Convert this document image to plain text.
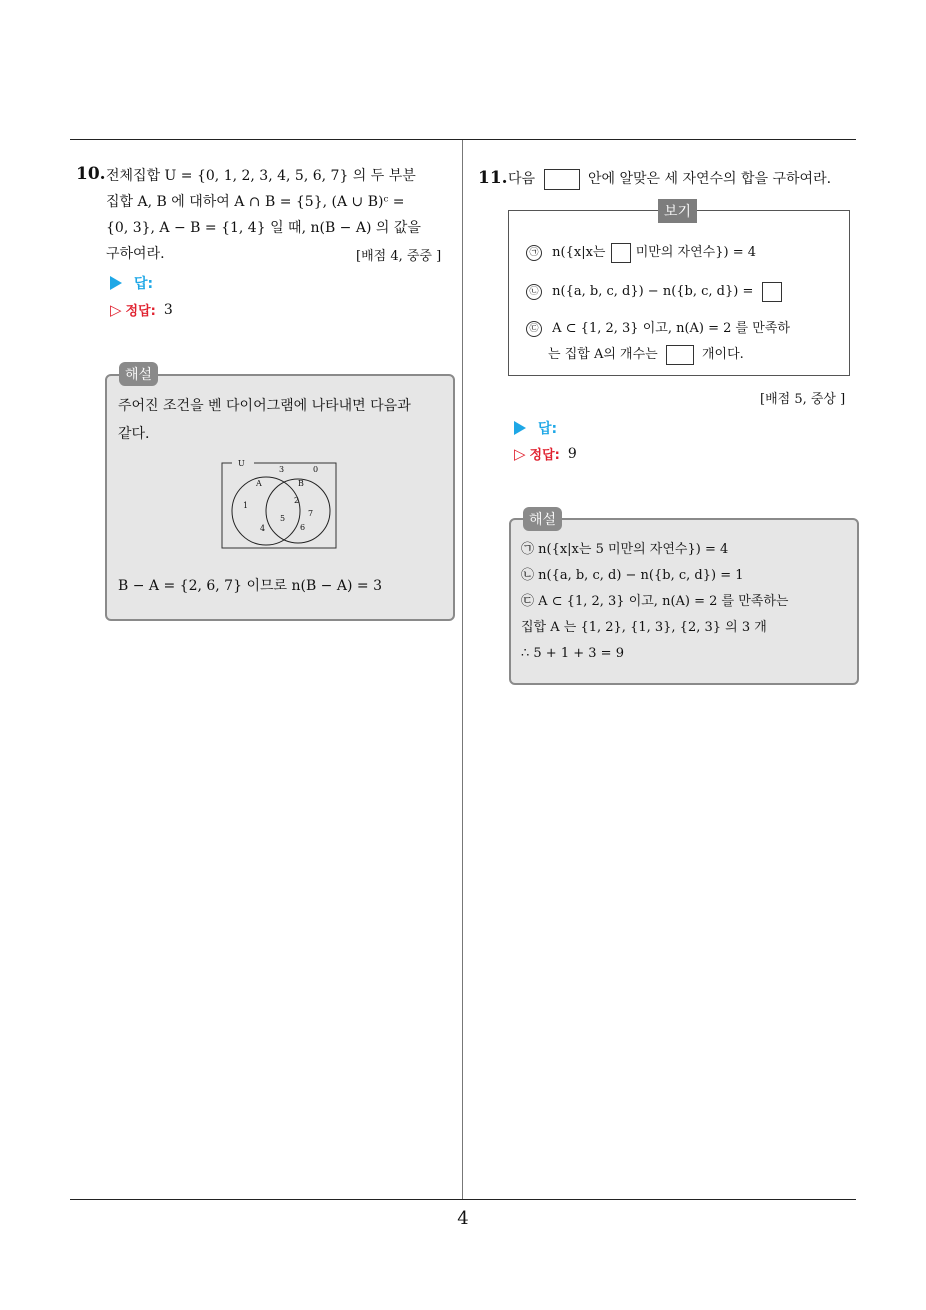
4
10. 전체집합 U = {0, 1, 2, 3, 4, 5, 6, 7} 의 두 부분
집합 A, B 에 대하여 A ∩ B = {5}, (A ∪ B)ᶜ =
{0, 3}, A − B = {1, 4} 일 때, n(B − A) 의 값을
구하여라.	[배점 4, 중중 ]
답:
▷ 정답: 3
해설
주어진 조건을 벤 다이어그램에 나타내면 다음과
같다.
U
A	B
3	0
1
4
5
2
7
6
B − A = {2, 6, 7} 이므로 n(B − A) = 3
11. 다음	안에 알맞은 세 자연수의 합을 구하여라.
보기
㉠ n({x|x는 미만의 자연수}) = 4
㉡ n({a, b, c, d}) − n({b, c, d}) =
㉢ A ⊂ {1, 2, 3} 이고, n(A) = 2 를 만족하
는 집합 A의 개수는	개이다.
[배점 5, 중상 ]
답:
▷ 정답: 9
해설
㉠ n({x|x는 5 미만의 자연수}) = 4
㉡ n({a, b, c, d) − n({b, c, d}) = 1
㉢ A ⊂ {1, 2, 3} 이고, n(A) = 2 를 만족하는
집합 A 는 {1, 2}, {1, 3}, {2, 3} 의 3 개
∴ 5 + 1 + 3 = 9
